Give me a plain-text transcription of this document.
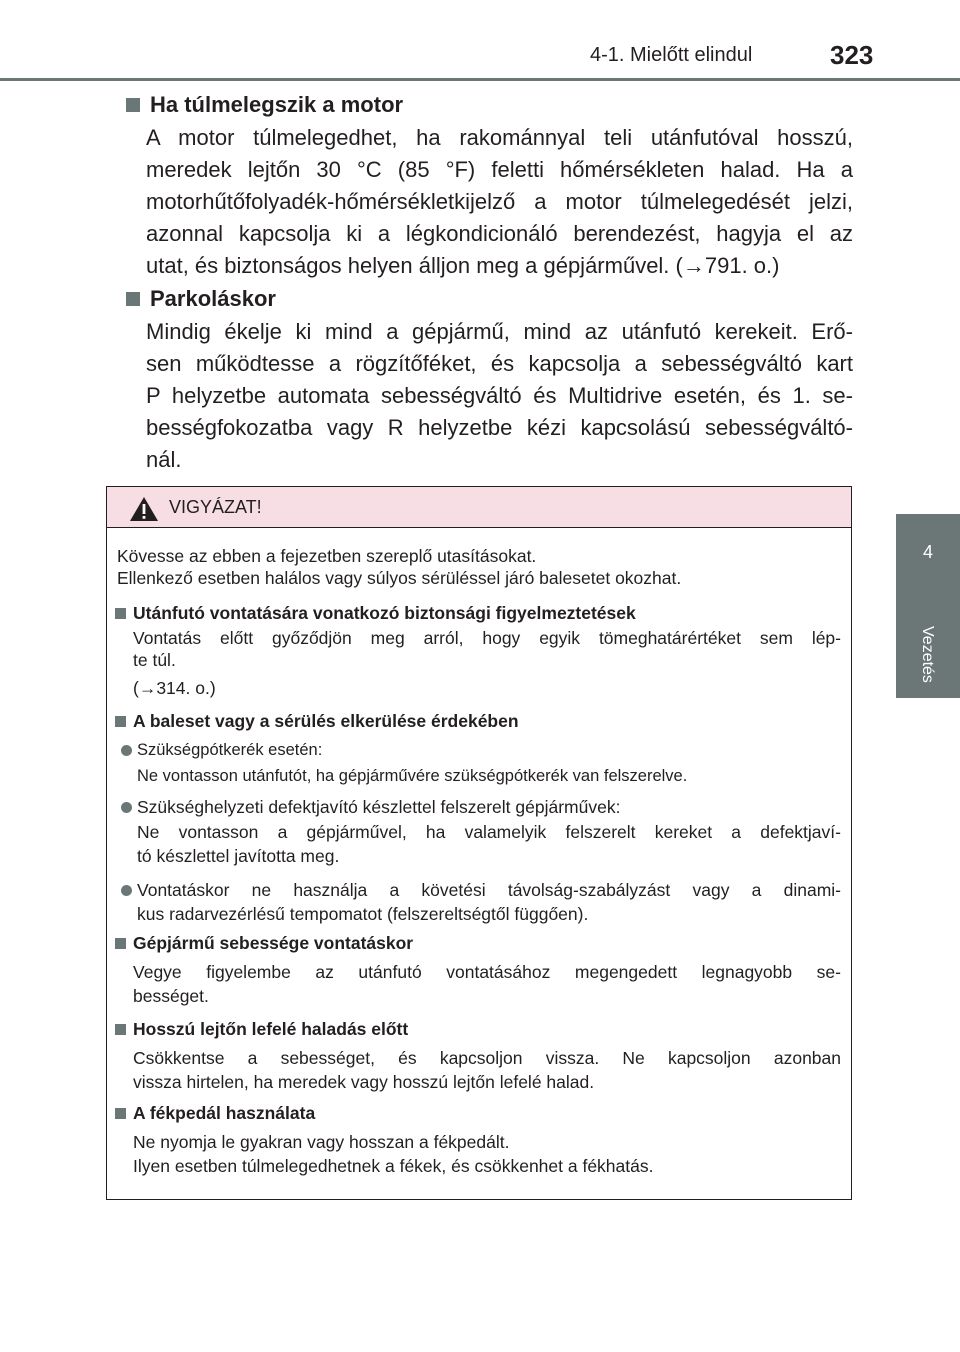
4-1. Mielőtt elindul	323
4
Vezetés
Ha túlmelegszik a motor
A motor túlmelegedhet, ha rakománnyal teli utánfutóval hosszú,
meredek lejtőn 30 °C (85 °F) feletti hőmérsékleten halad. Ha a
motorhűtőfolyadék-hőmérsékletkijelző a motor túlmelegedését jelzi,
azonnal kapcsolja ki a légkondicionáló berendezést, hagyja el az
utat, és biztonságos helyen álljon meg a gépjárművel. (→791. o.)
Parkoláskor
Mindig ékelje ki mind a gépjármű, mind az utánfutó kerekeit. Erő-
sen működtesse a rögzítőféket, és kapcsolja a sebességváltó kart
P helyzetbe automata sebességváltó és Multidrive esetén, és 1. se-
bességfokozatba vagy R helyzetbe kézi kapcsolású sebességváltó-
nál.
VIGYÁZAT!
Kövesse az ebben a fejezetben szereplő utasításokat.
Ellenkező esetben halálos vagy súlyos sérüléssel járó balesetet okozhat.
Utánfutó vontatására vonatkozó biztonsági figyelmeztetések
Vontatás előtt győződjön meg arról, hogy egyik tömeghatárértéket sem lép-
te túl.
(→314. o.)
A baleset vagy a sérülés elkerülése érdekében
Szükségpótkerék esetén:
Ne vontasson utánfutót, ha gépjárművére szükségpótkerék van felszerelve.
Szükséghelyzeti defektjavító készlettel felszerelt gépjárművek:
Ne vontasson a gépjárművel, ha valamelyik felszerelt kereket a defektjaví-
tó készlettel javította meg.
Vontatáskor ne használja a követési távolság-szabályzást vagy a dinami-
kus radarvezérlésű tempomatot (felszereltségtől függően).
Gépjármű sebessége vontatáskor
Vegye figyelembe az utánfutó vontatásához megengedett legnagyobb se-
bességet.
Hosszú lejtőn lefelé haladás előtt
Csökkentse a sebességet, és kapcsoljon vissza. Ne kapcsoljon azonban
vissza hirtelen, ha meredek vagy hosszú lejtőn lefelé halad.
A fékpedál használata
Ne nyomja le gyakran vagy hosszan a fékpedált.
Ilyen esetben túlmelegedhetnek a fékek, és csökkenhet a fékhatás.
